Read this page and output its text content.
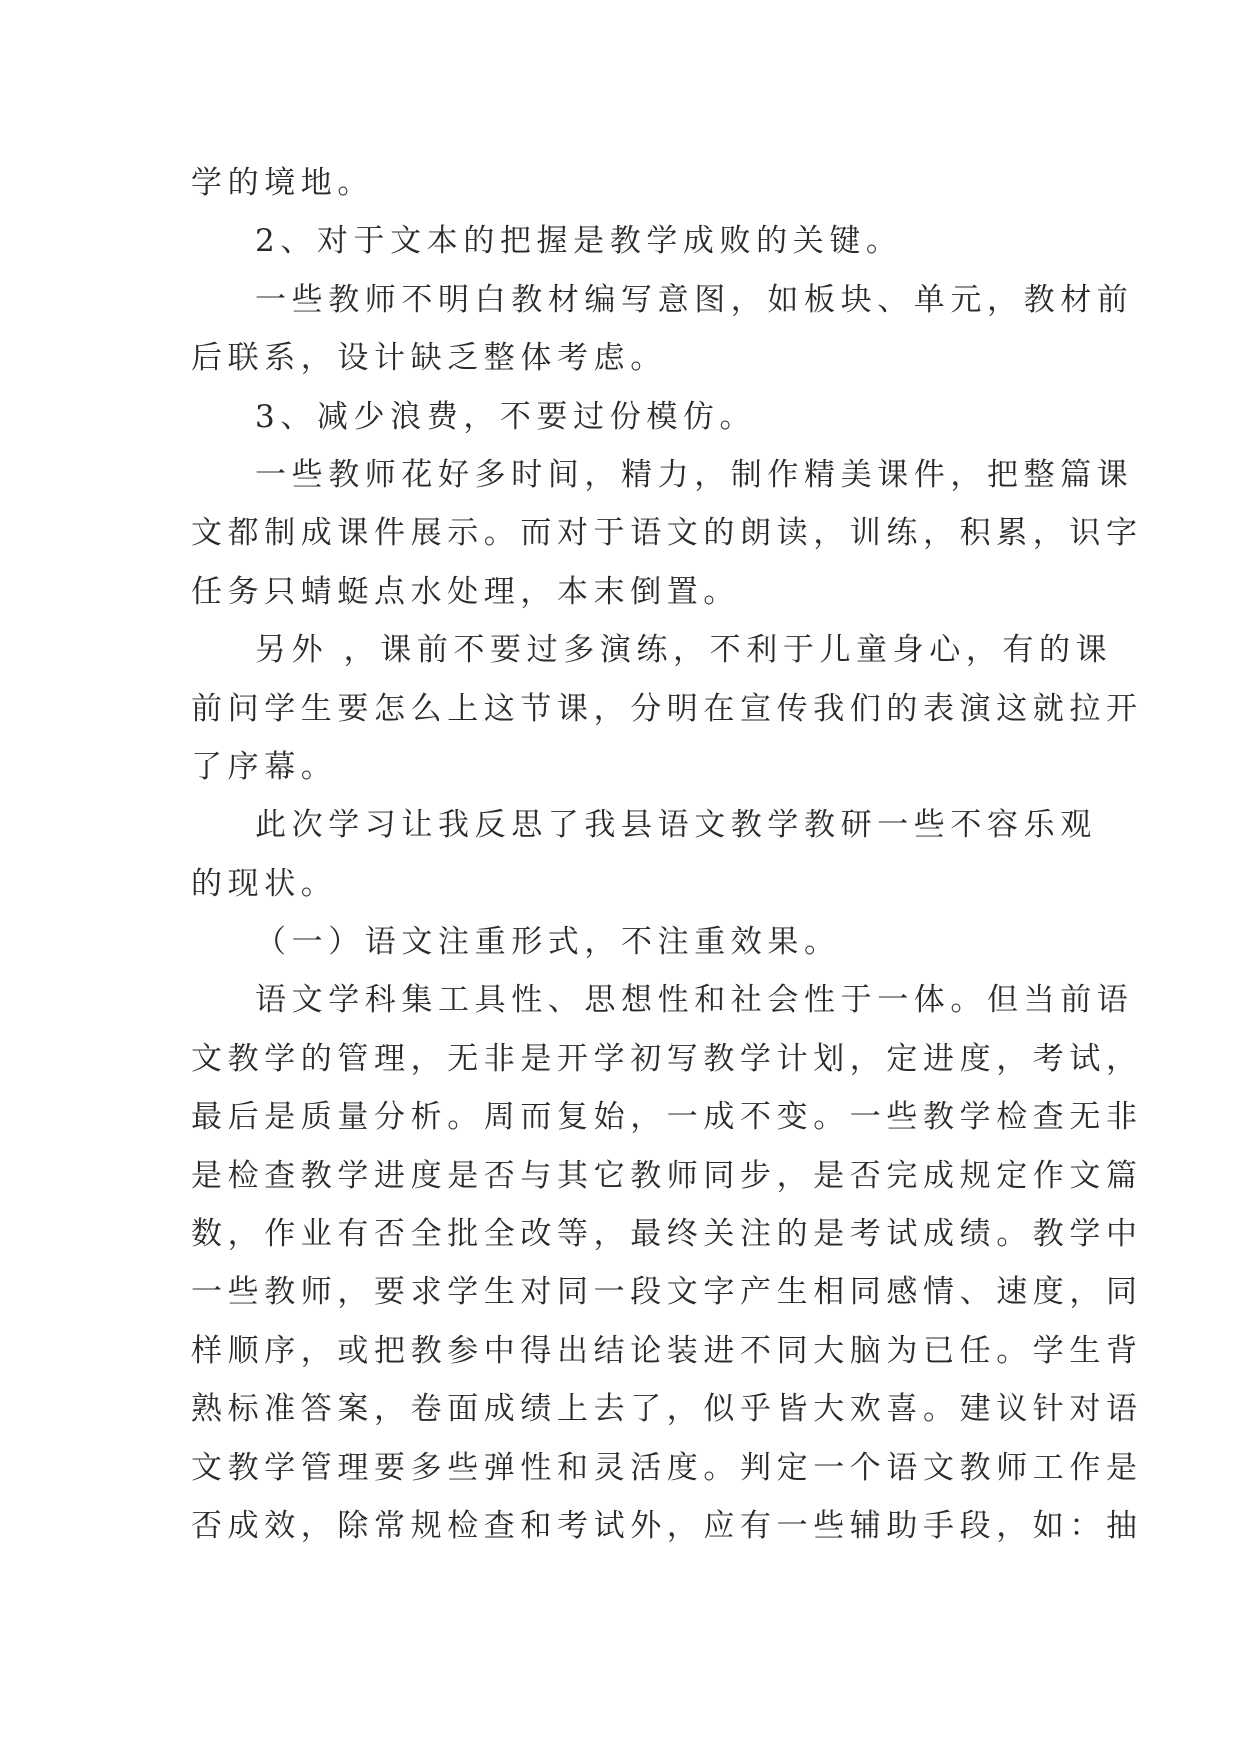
学的境地。
2、对于文本的把握是教学成败的关键。
一些教师不明白教材编写意图，如板块、单元，教材前
后联系，设计缺乏整体考虑。
3、减少浪费，不要过份模仿。
一些教师花好多时间，精力，制作精美课件，把整篇课
文都制成课件展示。而对于语文的朗读，训练，积累，识字
任务只蜻蜓点水处理，本末倒置。
另外 ，课前不要过多演练，不利于儿童身心，有的课
前问学生要怎么上这节课，分明在宣传我们的表演这就拉开
了序幕。
此次学习让我反思了我县语文教学教研一些不容乐观
的现状。
（一）语文注重形式，不注重效果。
语文学科集工具性、思想性和社会性于一体。但当前语
文教学的管理，无非是开学初写教学计划，定进度，考试，
最后是质量分析。周而复始，一成不变。一些教学检查无非
是检查教学进度是否与其它教师同步，是否完成规定作文篇
数，作业有否全批全改等，最终关注的是考试成绩。教学中
一些教师，要求学生对同一段文字产生相同感情、速度，同
样顺序，或把教参中得出结论装进不同大脑为已任。学生背
熟标准答案，卷面成绩上去了，似乎皆大欢喜。建议针对语
文教学管理要多些弹性和灵活度。判定一个语文教师工作是
否成效，除常规检查和考试外，应有一些辅助手段，如：抽
